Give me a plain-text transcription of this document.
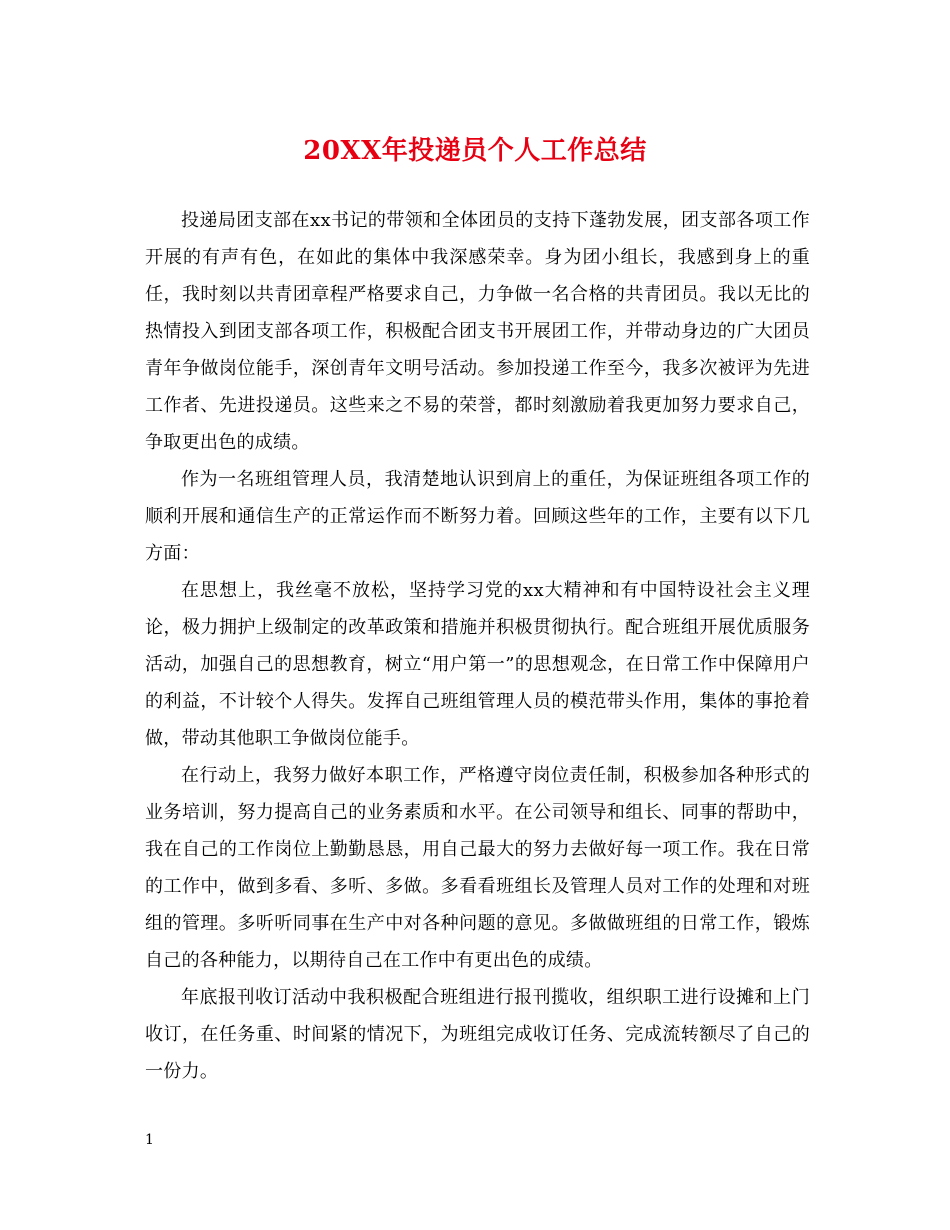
20XX年投递员个人工作总结

投递局团支部在xx书记的带领和全体团员的支持下蓬勃发展，团支部各项工作开展的有声有色，在如此的集体中我深感荣幸。身为团小组长，我感到身上的重任，我时刻以共青团章程严格要求自己，力争做一名合格的共青团员。我以无比的热情投入到团支部各项工作，积极配合团支书开展团工作，并带动身边的广大团员青年争做岗位能手，深创青年文明号活动。参加投递工作至今，我多次被评为先进工作者、先进投递员。这些来之不易的荣誉，都时刻激励着我更加努力要求自己，争取更出色的成绩。

作为一名班组管理人员，我清楚地认识到肩上的重任，为保证班组各项工作的顺利开展和通信生产的正常运作而不断努力着。回顾这些年的工作，主要有以下几方面：

在思想上，我丝毫不放松，坚持学习党的xx大精神和有中国特设社会主义理论，极力拥护上级制定的改革政策和措施并积极贯彻执行。配合班组开展优质服务活动，加强自己的思想教育，树立“用户第一”的思想观念，在日常工作中保障用户的利益，不计较个人得失。发挥自己班组管理人员的模范带头作用，集体的事抢着做，带动其他职工争做岗位能手。

在行动上，我努力做好本职工作，严格遵守岗位责任制，积极参加各种形式的业务培训，努力提高自己的业务素质和水平。在公司领导和组长、同事的帮助中，我在自己的工作岗位上勤勤恳恳，用自己最大的努力去做好每一项工作。我在日常的工作中，做到多看、多听、多做。多看看班组长及管理人员对工作的处理和对班组的管理。多听听同事在生产中对各种问题的意见。多做做班组的日常工作，锻炼自己的各种能力，以期待自己在工作中有更出色的成绩。

年底报刊收订活动中我积极配合班组进行报刊揽收，组织职工进行设摊和上门收订，在任务重、时间紧的情况下，为班组完成收订任务、完成流转额尽了自己的一份力。

1
